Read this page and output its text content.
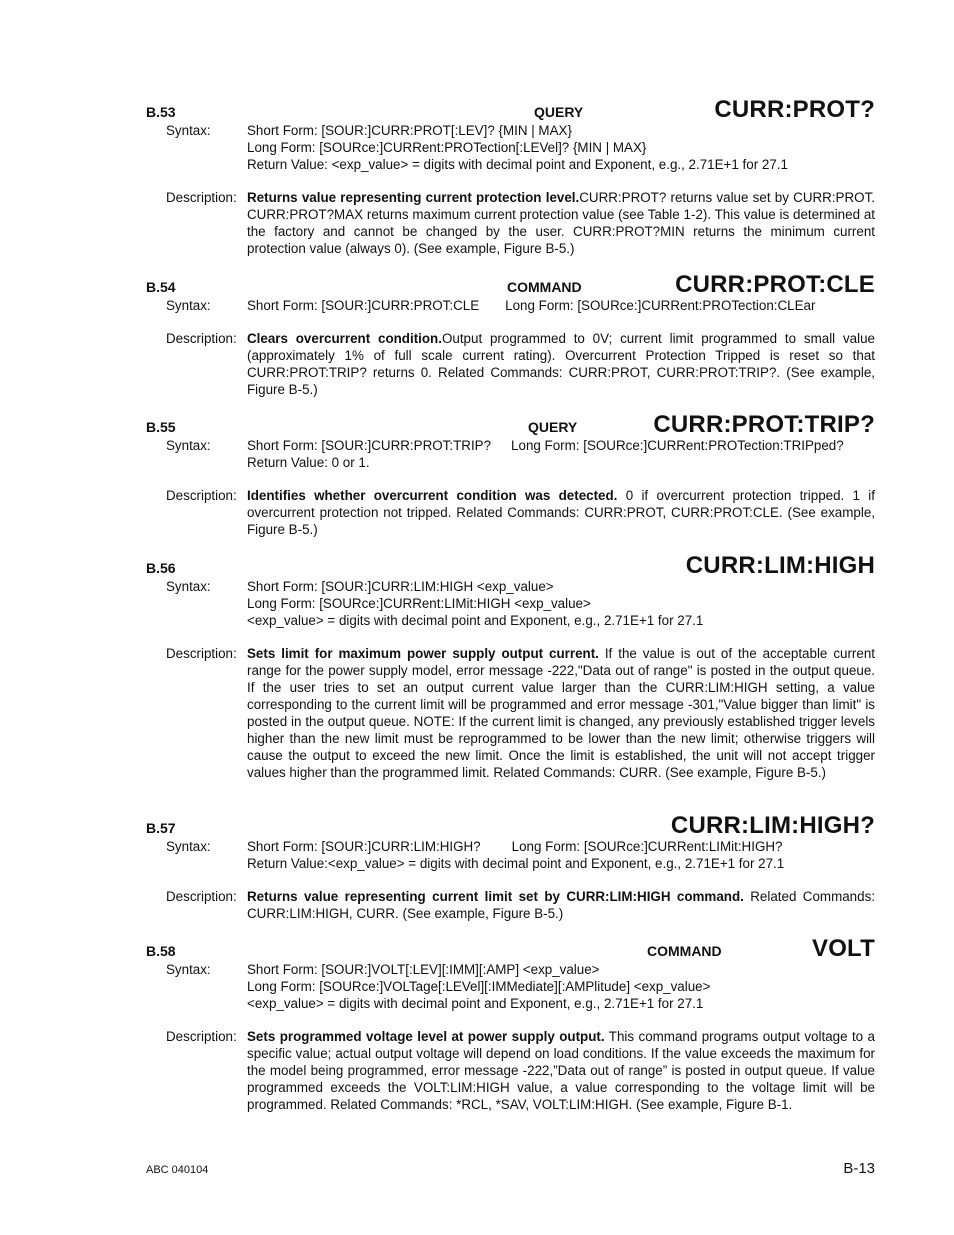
B.53	QUERY	CURR:PROT?
Syntax:	Short Form: [SOUR:]CURR:PROT[:LEV]? {MIN | MAX}
Long Form: [SOURce:]CURRent:PROTection[:LEVel]? {MIN | MAX}
Return Value: <exp_value> = digits with decimal point and Exponent, e.g., 2.71E+1 for 27.1
Description: Returns value representing current protection level.CURR:PROT? returns value set by CURR:PROT. CURR:PROT?MAX returns maximum current protection value (see Table 1-2). This value is determined at the factory and cannot be changed by the user. CURR:PROT?MIN returns the minimum current protection value (always 0). (See example, Figure B-5.)
B.54	COMMAND	CURR:PROT:CLE
Syntax:	Short Form: [SOUR:]CURR:PROT:CLE Long Form: [SOURce:]CURRent:PROTection:CLEar
Description: Clears overcurrent condition.Output programmed to 0V; current limit programmed to small value (approximately 1% of full scale current rating). Overcurrent Protection Tripped is reset so that CURR:PROT:TRIP? returns 0. Related Commands: CURR:PROT, CURR:PROT:TRIP?. (See example, Figure B-5.)
B.55	QUERY	CURR:PROT:TRIP?
Syntax:	Short Form: [SOUR:]CURR:PROT:TRIP? Long Form: [SOURce:]CURRent:PROTection:TRIPped?
Return Value: 0 or 1.
Description: Identifies whether overcurrent condition was detected. 0 if overcurrent protection tripped. 1 if overcurrent protection not tripped. Related Commands: CURR:PROT, CURR:PROT:CLE. (See example, Figure B-5.)
B.56	CURR:LIM:HIGH
Syntax:	Short Form: [SOUR:]CURR:LIM:HIGH <exp_value>
Long Form: [SOURce:]CURRent:LIMit:HIGH <exp_value>
<exp_value> = digits with decimal point and Exponent, e.g., 2.71E+1 for 27.1
Description: Sets limit for maximum power supply output current. If the value is out of the acceptable current range for the power supply model, error message -222,"Data out of range" is posted in the output queue. If the user tries to set an output current value larger than the CURR:LIM:HIGH setting, a value corresponding to the current limit will be programmed and error message -301,"Value bigger than limit" is posted in the output queue. NOTE: If the current limit is changed, any previously established trigger levels higher than the new limit must be reprogrammed to be lower than the new limit; otherwise triggers will cause the output to exceed the new limit. Once the limit is established, the unit will not accept trigger values higher than the programmed limit. Related Commands: CURR. (See example, Figure B-5.)
B.57	CURR:LIM:HIGH?
Syntax:	Short Form: [SOUR:]CURR:LIM:HIGH? Long Form: [SOURce:]CURRent:LIMit:HIGH?
Return Value:<exp_value> = digits with decimal point and Exponent, e.g., 2.71E+1 for 27.1
Description: Returns value representing current limit set by CURR:LIM:HIGH command. Related Commands: CURR:LIM:HIGH, CURR. (See example, Figure B-5.)
B.58	COMMAND	VOLT
Syntax:	Short Form: [SOUR:]VOLT[:LEV][:IMM][:AMP] <exp_value>
Long Form: [SOURce:]VOLTage[:LEVel][:IMMediate][:AMPlitude] <exp_value>
<exp_value> = digits with decimal point and Exponent, e.g., 2.71E+1 for 27.1
Description: Sets programmed voltage level at power supply output. This command programs output voltage to a specific value; actual output voltage will depend on load conditions. If the value exceeds the maximum for the model being programmed, error message -222,”Data out of range” is posted in output queue. If value programmed exceeds the VOLT:LIM:HIGH value, a value corresponding to the voltage limit will be programmed. Related Commands: *RCL, *SAV, VOLT:LIM:HIGH. (See example, Figure B-1.
ABC 040104	B-13
